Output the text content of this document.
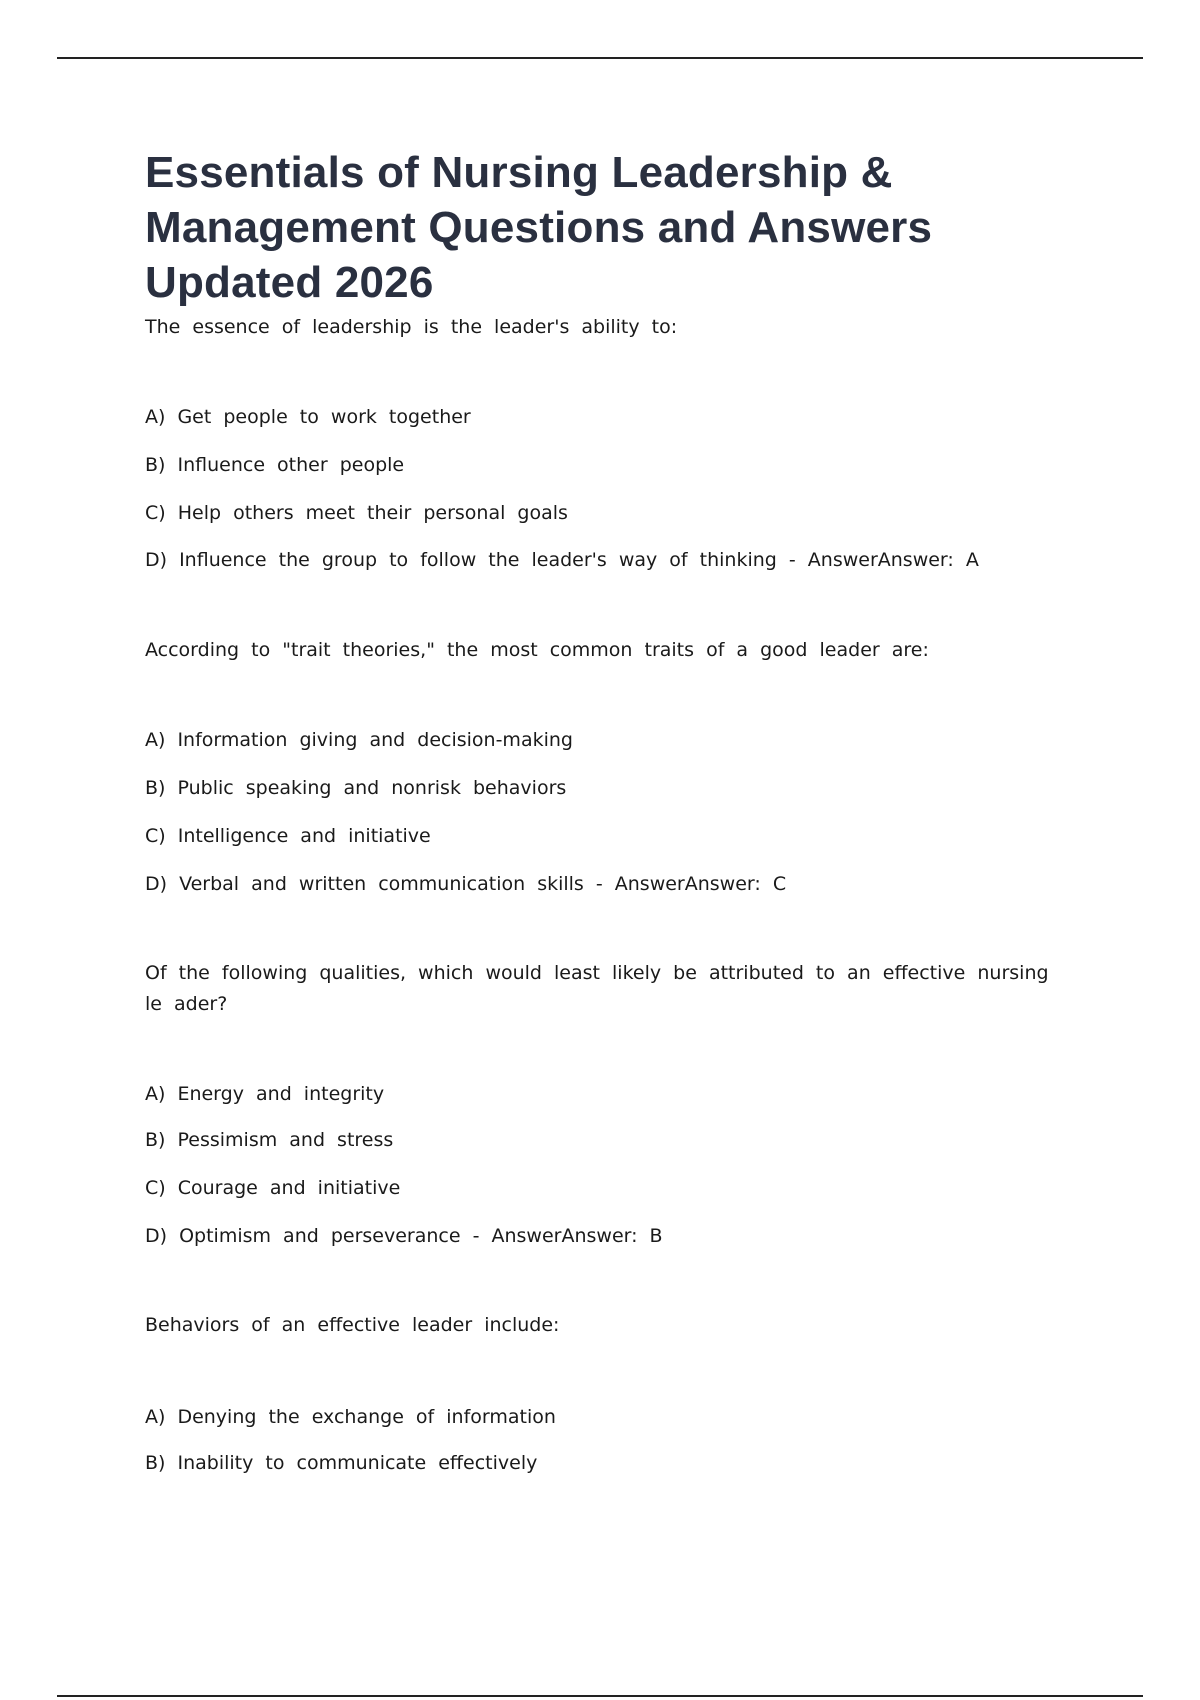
Essentials of Nursing Leadership & Management Questions and Answers Updated 2026

The essence of leadership is the leader's ability to:

A) Get people to work together

B) Influence other people

C) Help others meet their personal goals

D) Influence the group to follow the leader's way of thinking - AnswerAnswer: A

According to "trait theories," the most common traits of a good leader are:

A) Information giving and decision-making

B) Public speaking and nonrisk behaviors

C) Intelligence and initiative

D) Verbal and written communication skills - AnswerAnswer: C

Of the following qualities, which would least likely be attributed to an effective nursing le ader?

A) Energy and integrity

B) Pessimism and stress

C) Courage and initiative

D) Optimism and perseverance - AnswerAnswer: B

Behaviors of an effective leader include:

A) Denying the exchange of information

B) Inability to communicate effectively
